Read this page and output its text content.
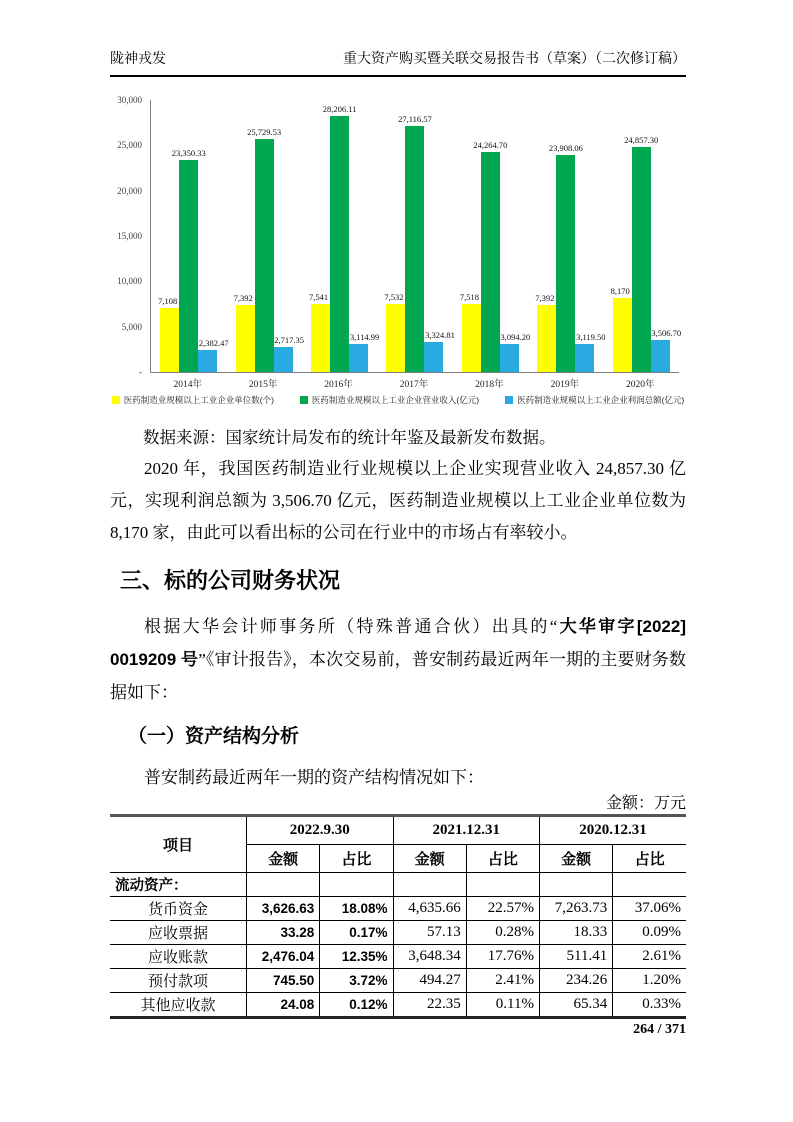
陇神戎发	重大资产购买暨关联交易报告书（草案）（二次修订稿）
30,000
25,000
20,000
15,000
10,000
5,000
-
7,108
23,350.33
2,382.47
7,392
25,729.53
2,717.35
7,541
28,206.11
3,114.99
7,532
27,116.57
3,324.81
7,518
24,264.70
3,094.20
7,392
23,908.06
3,119.50
8,170
24,857.30
3,506.70
2014年	2015年	2016年	2017年	2018年	2019年	2020年
医药制造业规模以上工业企业单位数(个)	医药制造业规模以上工业企业营业收入(亿元)	医药制造业规模以上工业企业利润总额(亿元)
数据来源：国家统计局发布的统计年鉴及最新发布数据。
2020 年，我国医药制造业行业规模以上企业实现营业收入 24,857.30 亿元，实现利润总额为 3,506.70 亿元，医药制造业规模以上工业企业单位数为 8,170 家，由此可以看出标的公司在行业中的市场占有率较小。
三、标的公司财务状况
根据大华会计师事务所（特殊普通合伙）出具的“大华审字[2022] 0019209 号”《审计报告》，本次交易前，普安制药最近两年一期的主要财务数据如下：
（一）资产结构分析
普安制药最近两年一期的资产结构情况如下：
金额：万元
项目	2022.9.30		2021.12.31		2020.12.31	
	金额	占比	金额	占比	金额	占比
流动资产：						
货币资金	3,626.63	18.08%	4,635.66	22.57%	7,263.73	37.06%
应收票据	33.28	0.17%	57.13	0.28%	18.33	0.09%
应收账款	2,476.04	12.35%	3,648.34	17.76%	511.41	2.61%
预付款项	745.50	3.72%	494.27	2.41%	234.26	1.20%
其他应收款	24.08	0.12%	22.35	0.11%	65.34	0.33%
264 / 371
